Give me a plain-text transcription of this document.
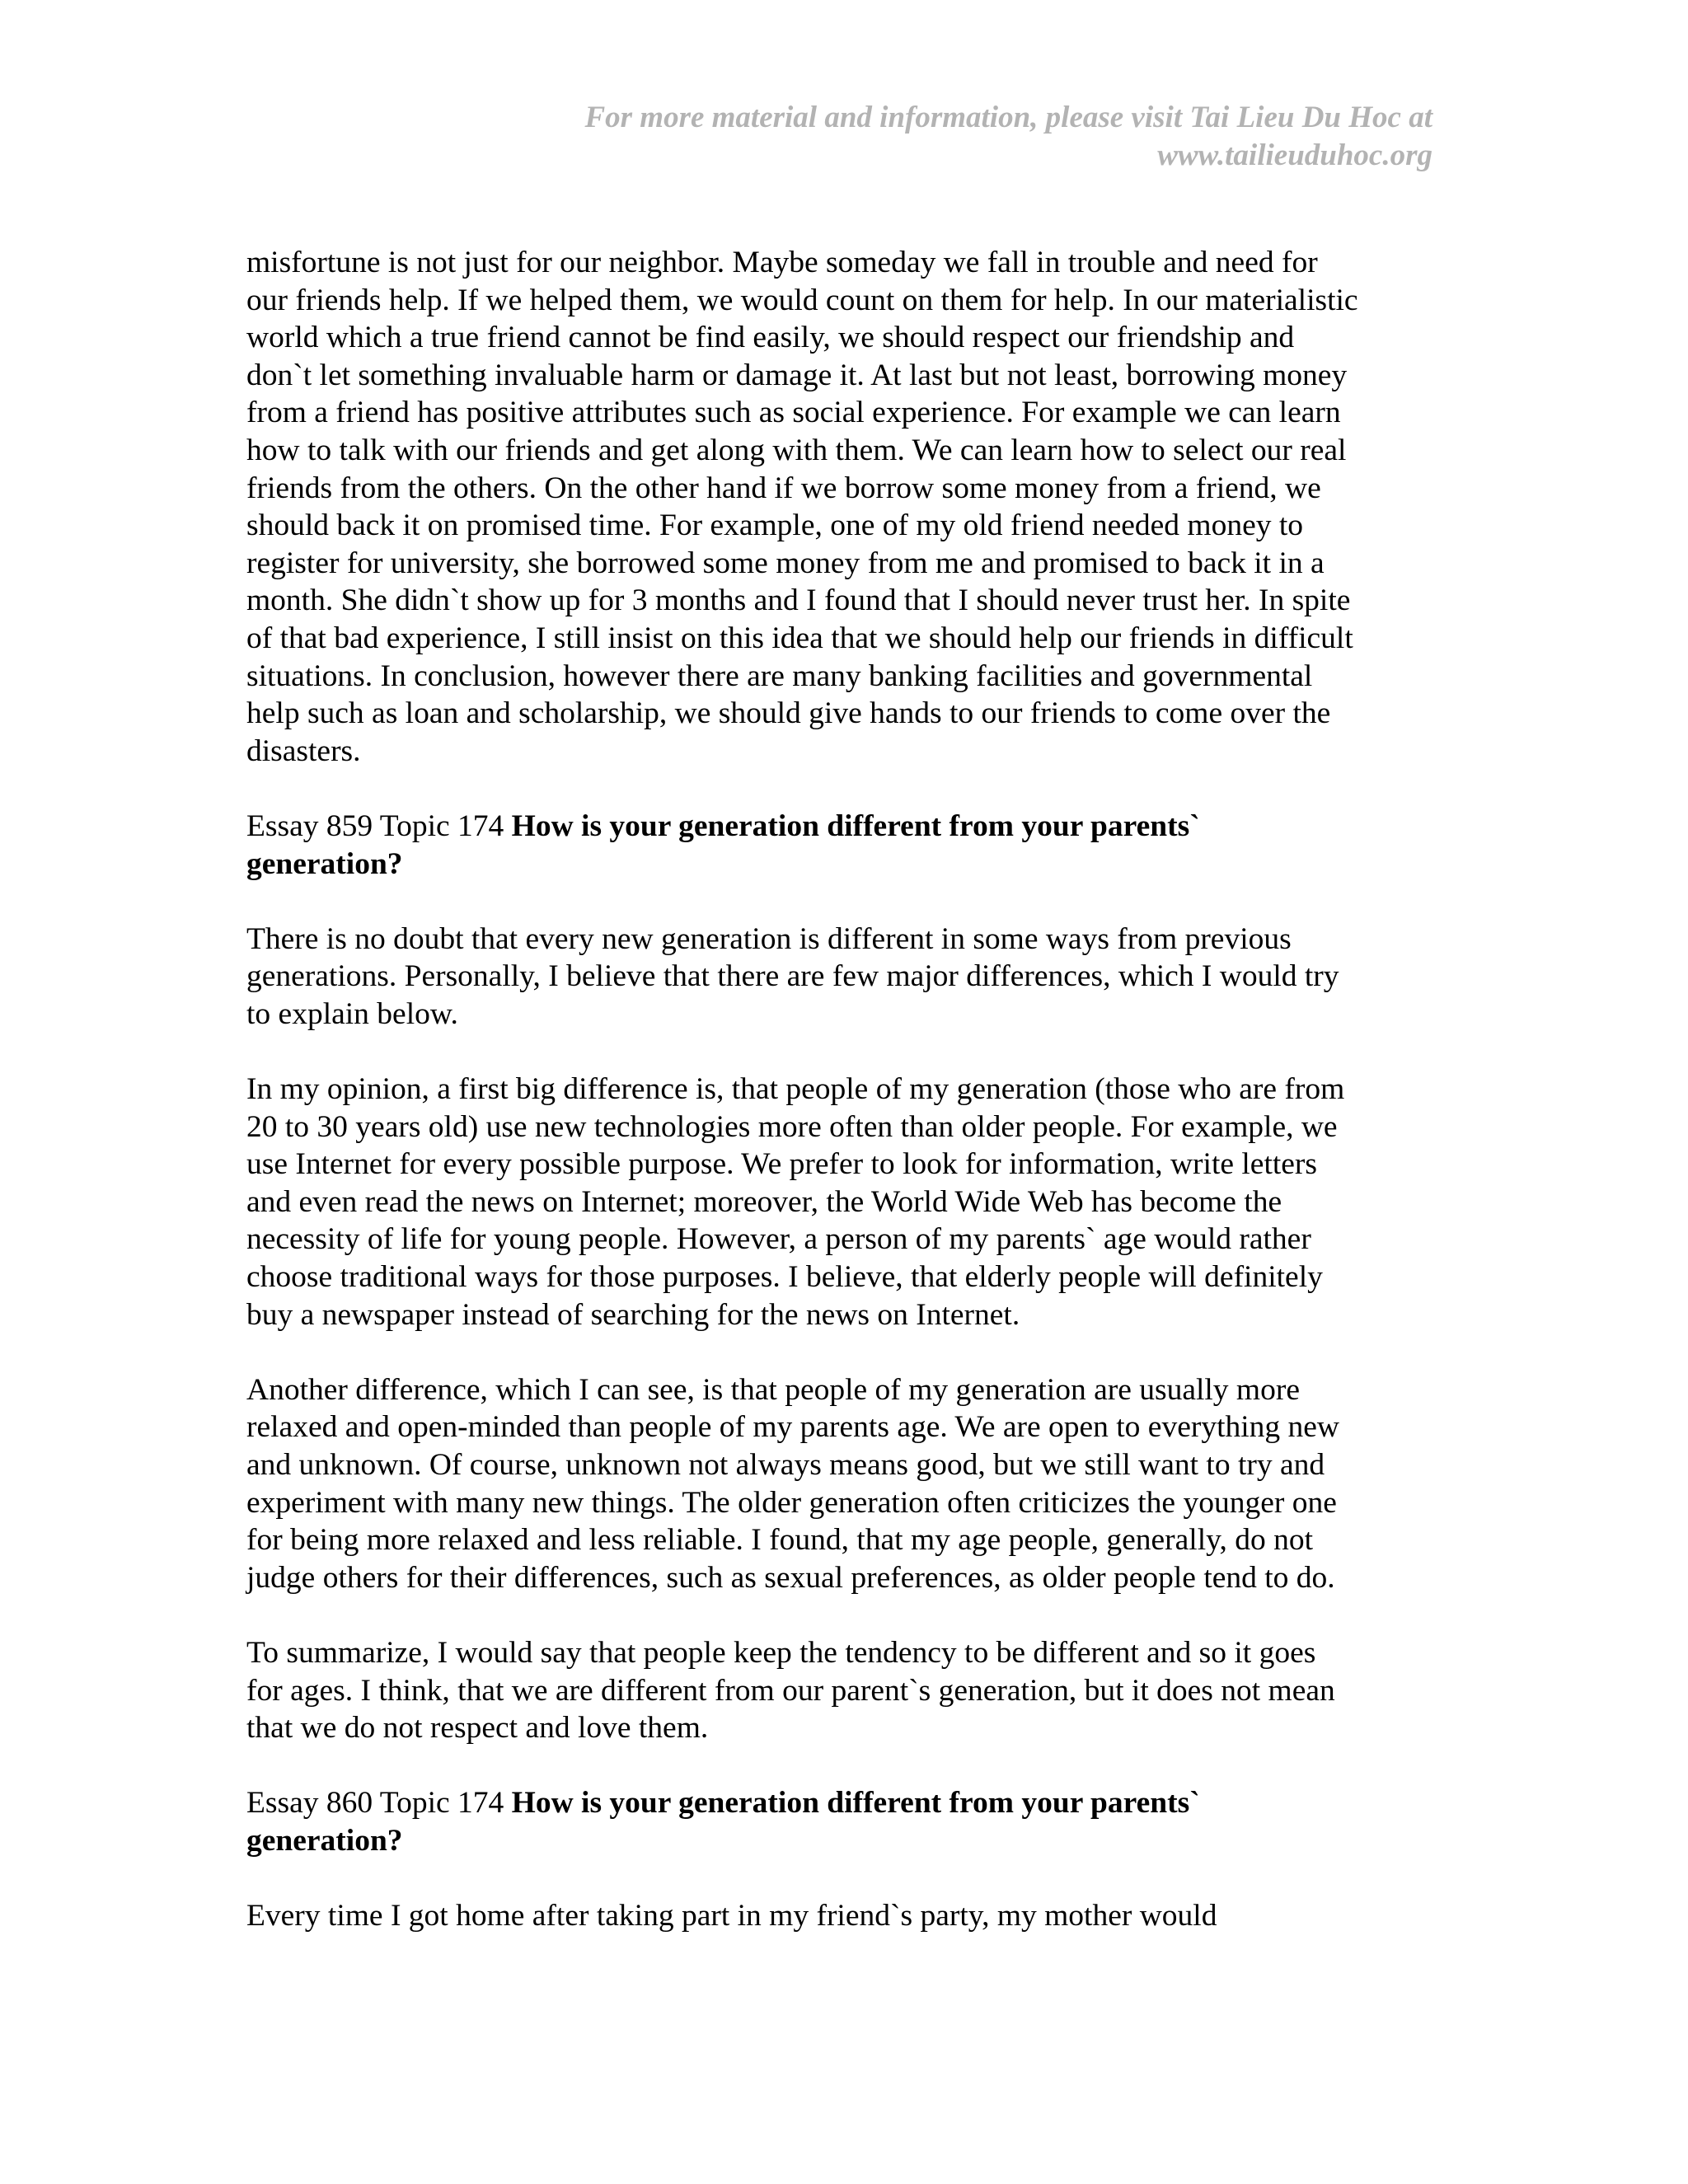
For more material and information, please visit Tai Lieu Du Hoc at
www.tailieuduhoc.org

misfortune is not just for our neighbor. Maybe someday we fall in trouble and need for
our friends help. If we helped them, we would count on them for help. In our materialistic
world which a true friend cannot be find easily, we should respect our friendship and
don`t let something invaluable harm or damage it. At last but not least, borrowing money
from a friend has positive attributes such as social experience. For example we can learn
how to talk with our friends and get along with them. We can learn how to select our real
friends from the others. On the other hand if we borrow some money from a friend, we
should back it on promised time. For example, one of my old friend needed money to
register for university, she borrowed some money from me and promised to back it in a
month. She didn`t show up for 3 months and I found that I should never trust her. In spite
of that bad experience, I still insist on this idea that we should help our friends in difficult
situations. In conclusion, however there are many banking facilities and governmental
help such as loan and scholarship, we should give hands to our friends to come over the
disasters.

Essay 859 Topic 174 How is your generation different from your parents`
generation?

There is no doubt that every new generation is different in some ways from previous
generations. Personally, I believe that there are few major differences, which I would try
to explain below.

In my opinion, a first big difference is, that people of my generation (those who are from
20 to 30 years old) use new technologies more often than older people. For example, we
use Internet for every possible purpose. We prefer to look for information, write letters
and even read the news on Internet; moreover, the World Wide Web has become the
necessity of life for young people. However, a person of my parents` age would rather
choose traditional ways for those purposes. I believe, that elderly people will definitely
buy a newspaper instead of searching for the news on Internet.

Another difference, which I can see, is that people of my generation are usually more
relaxed and open-minded than people of my parents age. We are open to everything new
and unknown. Of course, unknown not always means good, but we still want to try and
experiment with many new things. The older generation often criticizes the younger one
for being more relaxed and less reliable. I found, that my age people, generally, do not
judge others for their differences, such as sexual preferences, as older people tend to do.

To summarize, I would say that people keep the tendency to be different and so it goes
for ages. I think, that we are different from our parent`s generation, but it does not mean
that we do not respect and love them.

Essay 860 Topic 174 How is your generation different from your parents`
generation?

Every time I got home after taking part in my friend`s party, my mother would
